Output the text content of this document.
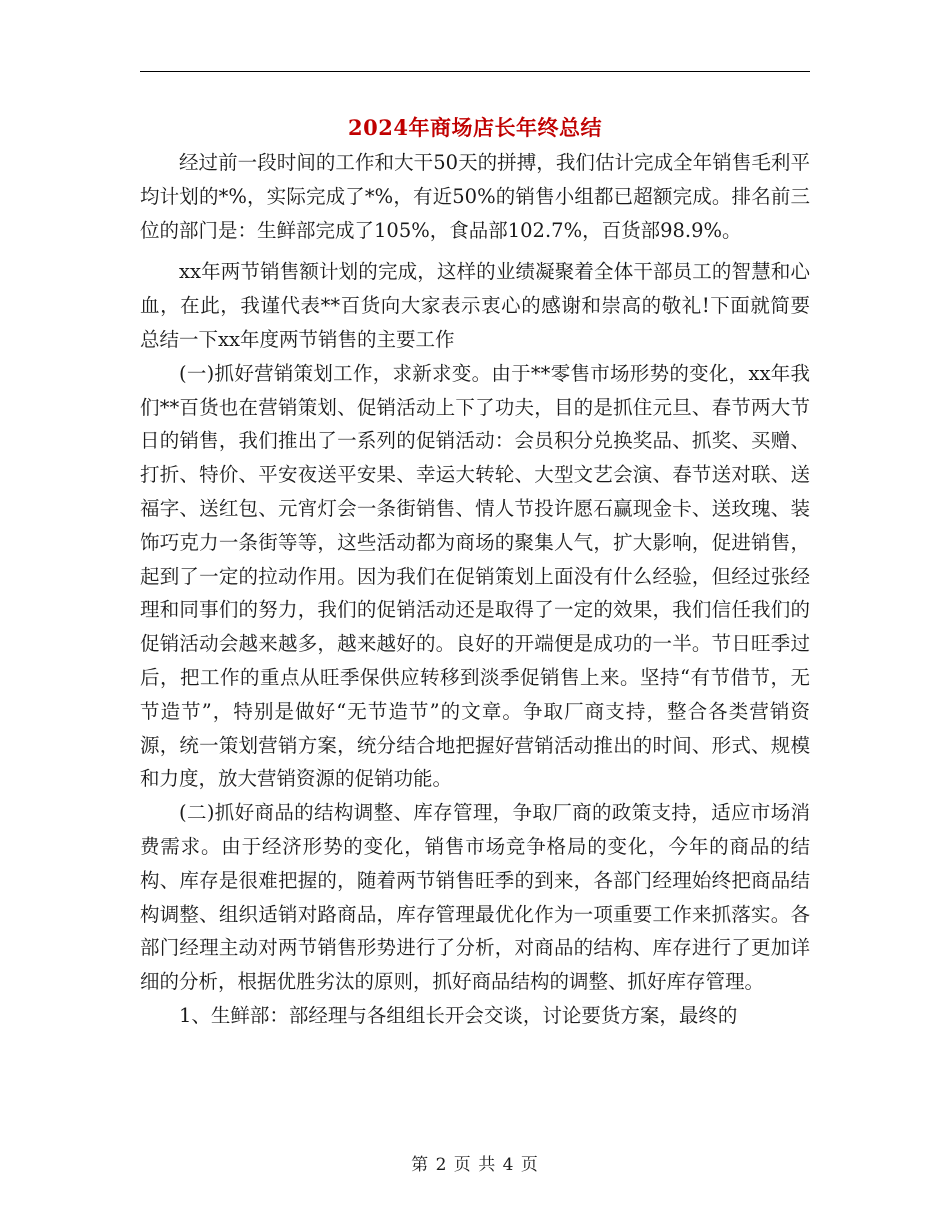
2024年商场店长年终总结

经过前一段时间的工作和大干50天的拼搏，我们估计完成全年销售毛利平均计划的*%，实际完成了*%，有近50%的销售小组都已超额完成。排名前三位的部门是：生鲜部完成了105%，食品部102.7%，百货部98.9%。

xx年两节销售额计划的完成，这样的业绩凝聚着全体干部员工的智慧和心血，在此，我谨代表**百货向大家表示衷心的感谢和崇高的敬礼!下面就简要总结一下xx年度两节销售的主要工作

(一)抓好营销策划工作，求新求变。由于**零售市场形势的变化，xx年我们**百货也在营销策划、促销活动上下了功夫，目的是抓住元旦、春节两大节日的销售，我们推出了一系列的促销活动：会员积分兑换奖品、抓奖、买赠、打折、特价、平安夜送平安果、幸运大转轮、大型文艺会演、春节送对联、送福字、送红包、元宵灯会一条街销售、情人节投许愿石赢现金卡、送玫瑰、装饰巧克力一条街等等，这些活动都为商场的聚集人气，扩大影响，促进销售，起到了一定的拉动作用。因为我们在促销策划上面没有什么经验，但经过张经理和同事们的努力，我们的促销活动还是取得了一定的效果，我们信任我们的促销活动会越来越多，越来越好的。良好的开端便是成功的一半。节日旺季过后，把工作的重点从旺季保供应转移到淡季促销售上来。坚持“有节借节，无节造节”，特别是做好“无节造节”的文章。争取厂商支持，整合各类营销资源，统一策划营销方案，统分结合地把握好营销活动推出的时间、形式、规模和力度，放大营销资源的促销功能。

(二)抓好商品的结构调整、库存管理，争取厂商的政策支持，适应市场消费需求。由于经济形势的变化，销售市场竞争格局的变化，今年的商品的结构、库存是很难把握的，随着两节销售旺季的到来，各部门经理始终把商品结构调整、组织适销对路商品，库存管理最优化作为一项重要工作来抓落实。各部门经理主动对两节销售形势进行了分析，对商品的结构、库存进行了更加详细的分析，根据优胜劣汰的原则，抓好商品结构的调整、抓好库存管理。

1、生鲜部：部经理与各组组长开会交谈，讨论要货方案，最终的

第 2 页 共 4 页
